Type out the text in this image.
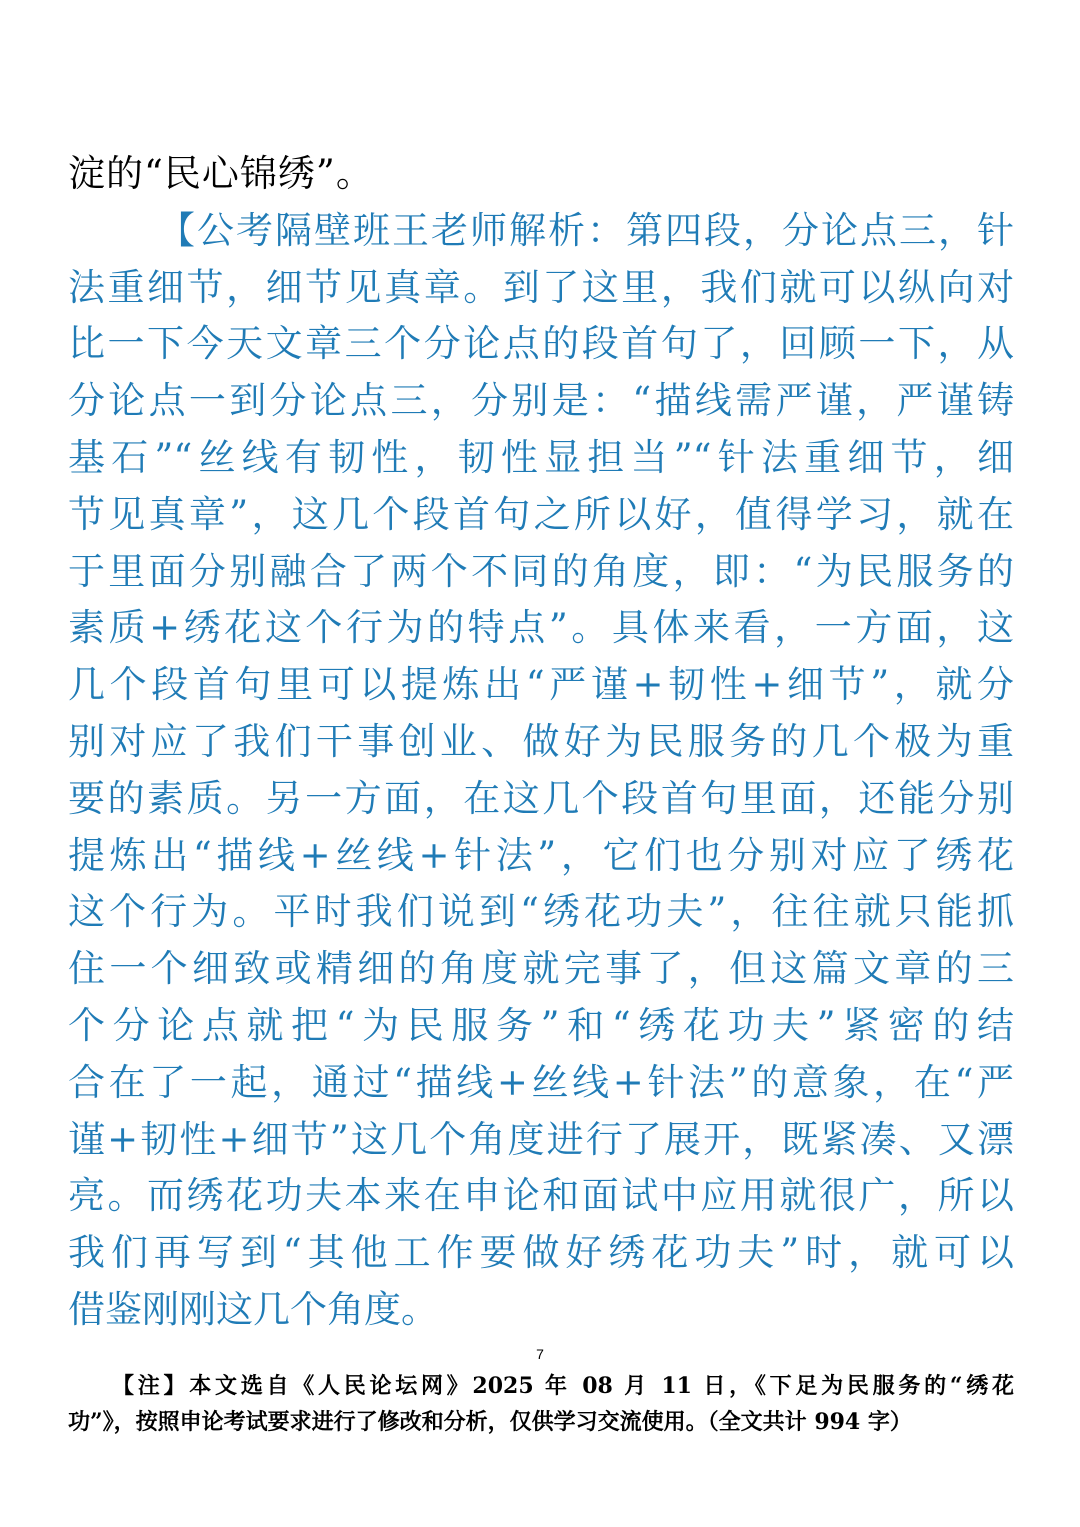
淀的“民心锦绣”。
【公考隔壁班王老师解析：第四段，分论点三，针
法重细节，细节见真章。到了这里，我们就可以纵向对
比一下今天文章三个分论点的段首句了，回顾一下，从
分论点一到分论点三，分别是：“描线需严谨，严谨铸
基石”“丝线有韧性，韧性显担当”“针法重细节，细
节见真章”，这几个段首句之所以好，值得学习，就在
于里面分别融合了两个不同的角度，即：“为民服务的
素质+绣花这个行为的特点”。具体来看，一方面，这
几个段首句里可以提炼出“严谨+韧性+细节”，就分
别对应了我们干事创业、做好为民服务的几个极为重
要的素质。另一方面，在这几个段首句里面，还能分别
提炼出“描线+丝线+针法”，它们也分别对应了绣花
这个行为。平时我们说到“绣花功夫”，往往就只能抓
住一个细致或精细的角度就完事了，但这篇文章的三
个分论点就把“为民服务”和“绣花功夫”紧密的结
合在了一起，通过“描线+丝线+针法”的意象，在“严
谨+韧性+细节”这几个角度进行了展开，既紧凑、又漂
亮。而绣花功夫本来在申论和面试中应用就很广，所以
我们再写到“其他工作要做好绣花功夫”时，就可以
借鉴刚刚这几个角度。
7
【注】本文选自《人民论坛网》2025 年 08 月 11 日，《下足为民服务的“绣花
功”》，按照申论考试要求进行了修改和分析，仅供学习交流使用。（全文共计 994 字）
